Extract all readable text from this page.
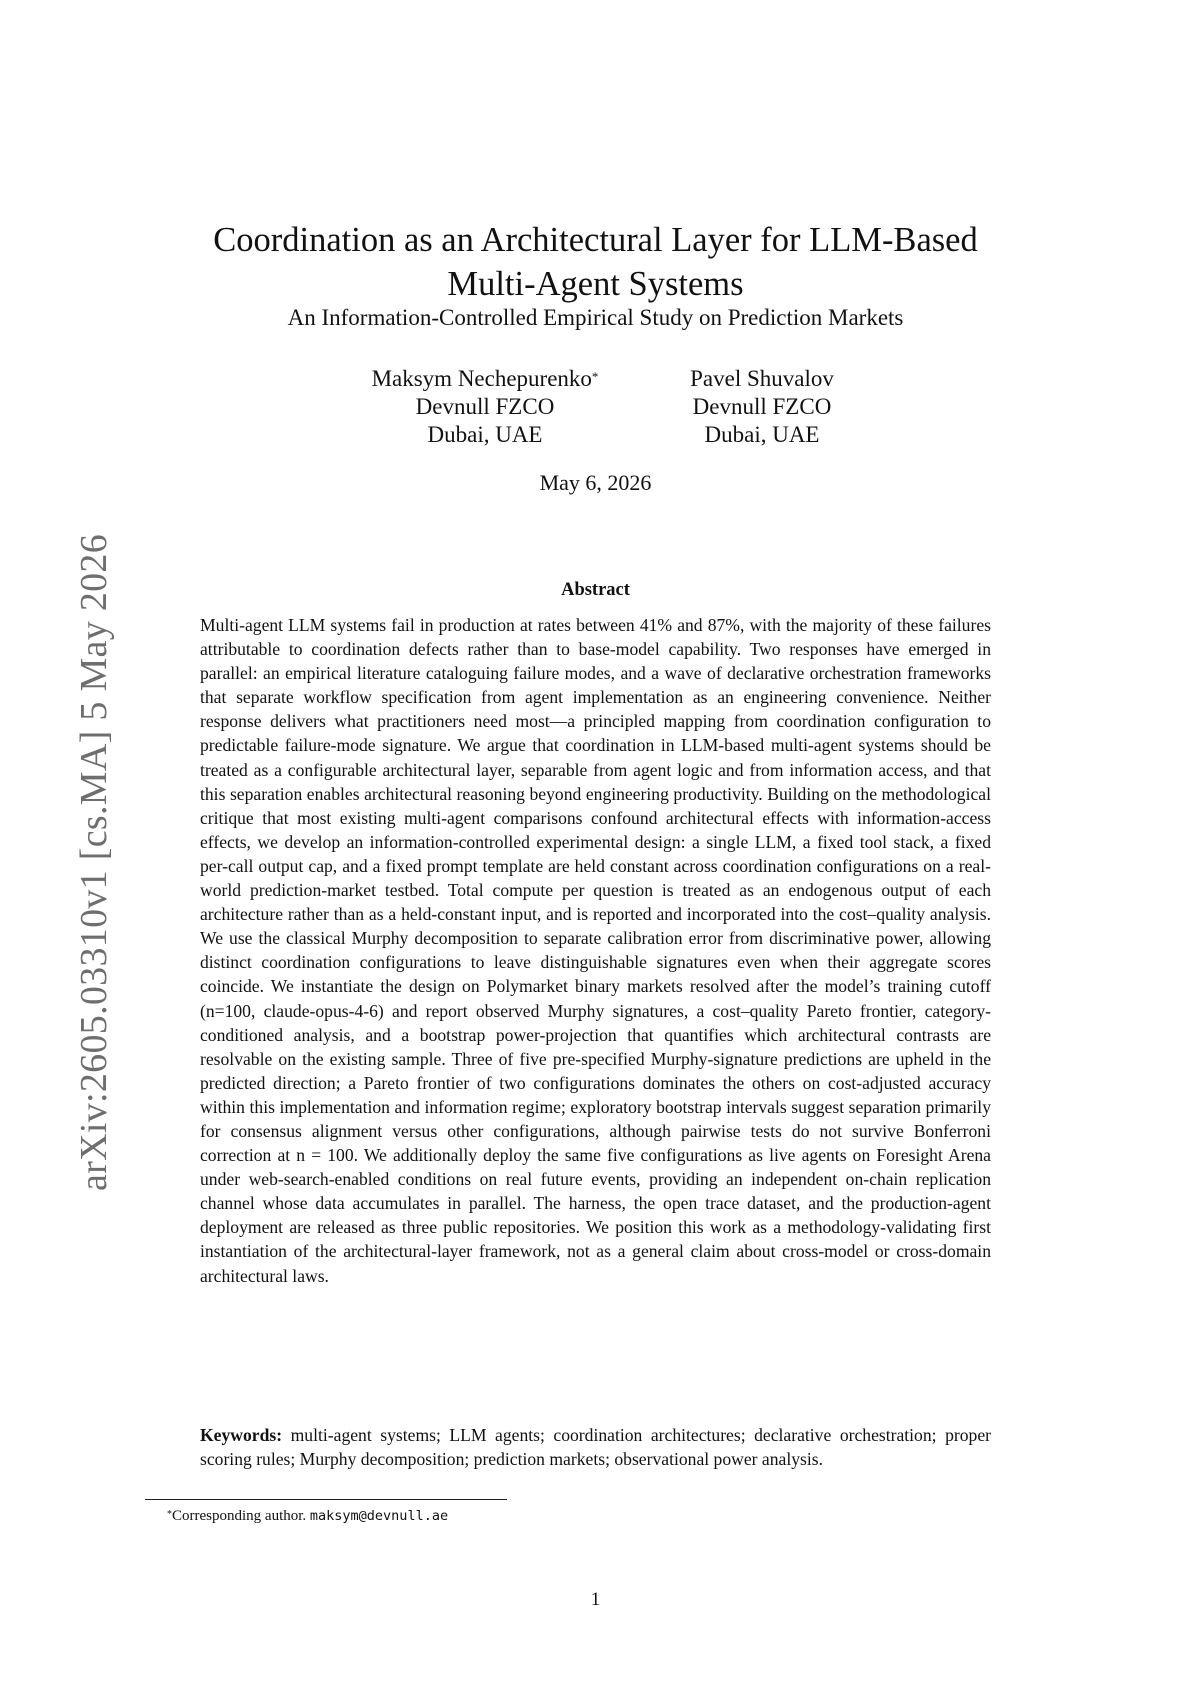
arXiv:2605.03310v1 [cs.MA] 5 May 2026
Coordination as an Architectural Layer for LLM-Based
Multi-Agent Systems
An Information-Controlled Empirical Study on Prediction Markets
Maksym Nechepurenko*
Devnull FZCO
Dubai, UAE
Pavel Shuvalov
Devnull FZCO
Dubai, UAE
May 6, 2026
Abstract
Multi-agent LLM systems fail in production at rates between 41% and 87%, with the majority of these failures attributable to coordination defects rather than to base-model capability. Two responses have emerged in parallel: an empirical literature cataloguing failure modes, and a wave of declarative orchestration frameworks that separate workflow specification from agent implementation as an engineering convenience. Neither response delivers what practitioners need most—a principled mapping from coordination configuration to predictable failure-mode signature. We argue that coordination in LLM-based multi-agent systems should be treated as a configurable architectural layer, separable from agent logic and from information access, and that this separation enables architectural reasoning beyond engineering productivity. Building on the methodological critique that most existing multi-agent comparisons confound architectural effects with information-access effects, we develop an information-controlled experimental design: a single LLM, a fixed tool stack, a fixed per-call output cap, and a fixed prompt template are held constant across coordination configurations on a real-world prediction-market testbed. Total compute per question is treated as an endogenous output of each architecture rather than as a held-constant input, and is reported and incorporated into the cost–quality analysis. We use the classical Murphy decomposition to separate calibration error from discriminative power, allowing distinct coordination configurations to leave distinguishable signatures even when their aggregate scores coincide. We instantiate the design on Polymarket binary markets resolved after the model’s training cutoff (n=100, claude-opus-4-6) and report observed Murphy signatures, a cost–quality Pareto frontier, category-conditioned analysis, and a bootstrap power-projection that quantifies which architectural contrasts are resolvable on the existing sample. Three of five pre-specified Murphy-signature predictions are upheld in the predicted direction; a Pareto frontier of two configurations dominates the others on cost-adjusted accuracy within this implementation and information regime; exploratory bootstrap intervals suggest separation primarily for consensus alignment versus other configurations, although pairwise tests do not survive Bonferroni correction at n = 100. We additionally deploy the same five configurations as live agents on Foresight Arena under web-search-enabled conditions on real future events, providing an independent on-chain replication channel whose data accumulates in parallel. The harness, the open trace dataset, and the production-agent deployment are released as three public repositories. We position this work as a methodology-validating first instantiation of the architectural-layer framework, not as a general claim about cross-model or cross-domain architectural laws.
Keywords: multi-agent systems; LLM agents; coordination architectures; declarative orchestration; proper scoring rules; Murphy decomposition; prediction markets; observational power analysis.
*Corresponding author. maksym@devnull.ae
1
